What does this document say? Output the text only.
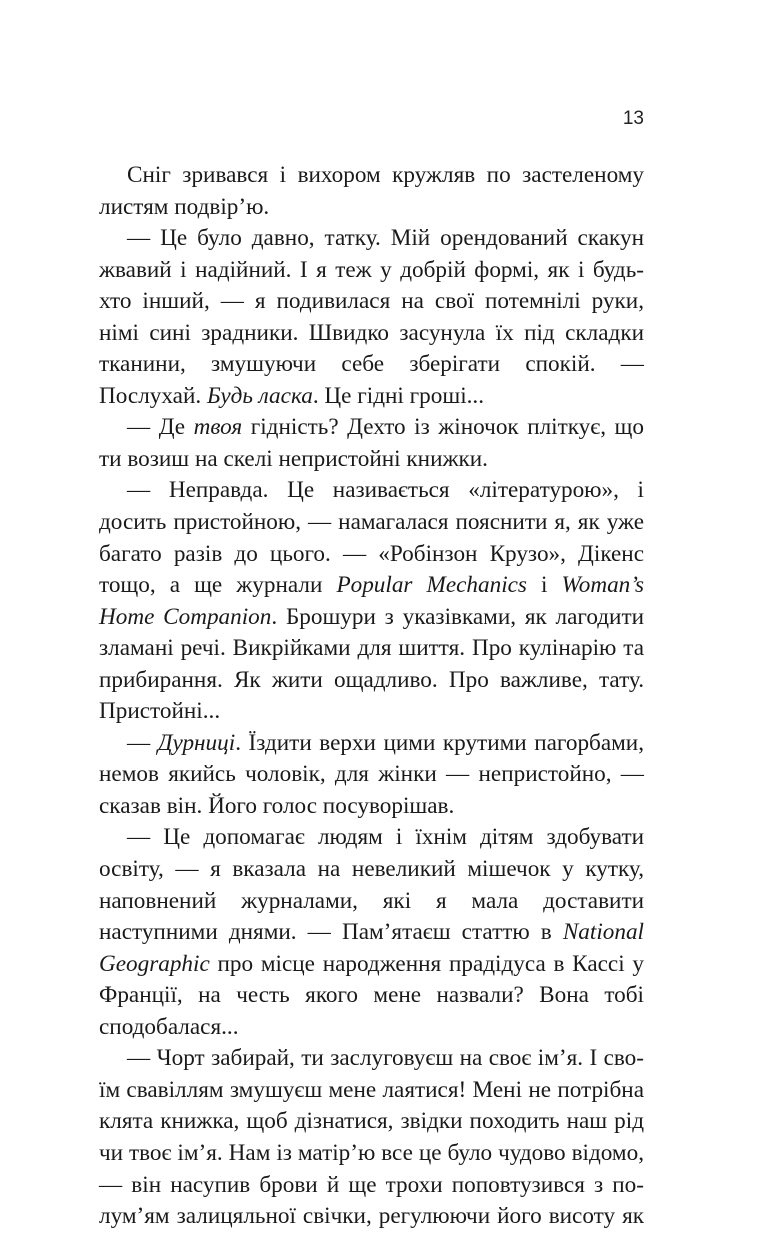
13

Сніг зривався і вихором кружляв по застеленому листям подвір’ю.

— Це було давно, татку. Мій орендований скакун жвавий і надійний. І я теж у добрій формі, як і будь-хто інший, — я подивилася на свої потемнілі руки, німі сині зрадники. Швидко засунула їх під складки тканини, змушуючи себе зберігати спокій. — Послухай. Будь ласка. Це гідні гроші...

— Де твоя гідність? Дехто із жіночок пліткує, що ти возиш на скелі непристойні книжки.

— Неправда. Це називається «літературою», і досить пристойною, — намагалася пояснити я, як уже багато разів до цього. — «Робінзон Крузо», Дікенс тощо, а ще журнали Popular Mechanics і Woman’s Home Companion. Брошури з указівками, як лагодити зламані речі. Викрійками для шиття. Про кулінарію та прибирання. Як жити ощадливо. Про важливе, тату. Пристойні...

— Дурниці. Їздити верхи цими крутими пагорбами, немов якийсь чоловік, для жінки — непристойно, — сказав він. Його голос посуворішав.

— Це допомагає людям і їхнім дітям здобувати освіту, — я вказала на невеликий мішечок у кутку, наповнений журналами, які я мала доставити наступними днями. — Пам’ятаєш статтю в National Geographic про місце народження прадідуса в Кассі у Франції, на честь якого мене назвали? Вона тобі сподобалася...

— Чорт забирай, ти заслуговуєш на своє ім’я. І своїм свавіллям змушуєш мене лаятися! Мені не потрібна клята книжка, щоб дізнатися, звідки походить наш рід чи твоє ім’я. Нам із матір’ю все це було чудово відомо, — він насупив брови й ще трохи поповтузився з полум’ям залицяльної свічки, регулюючи його висоту як
